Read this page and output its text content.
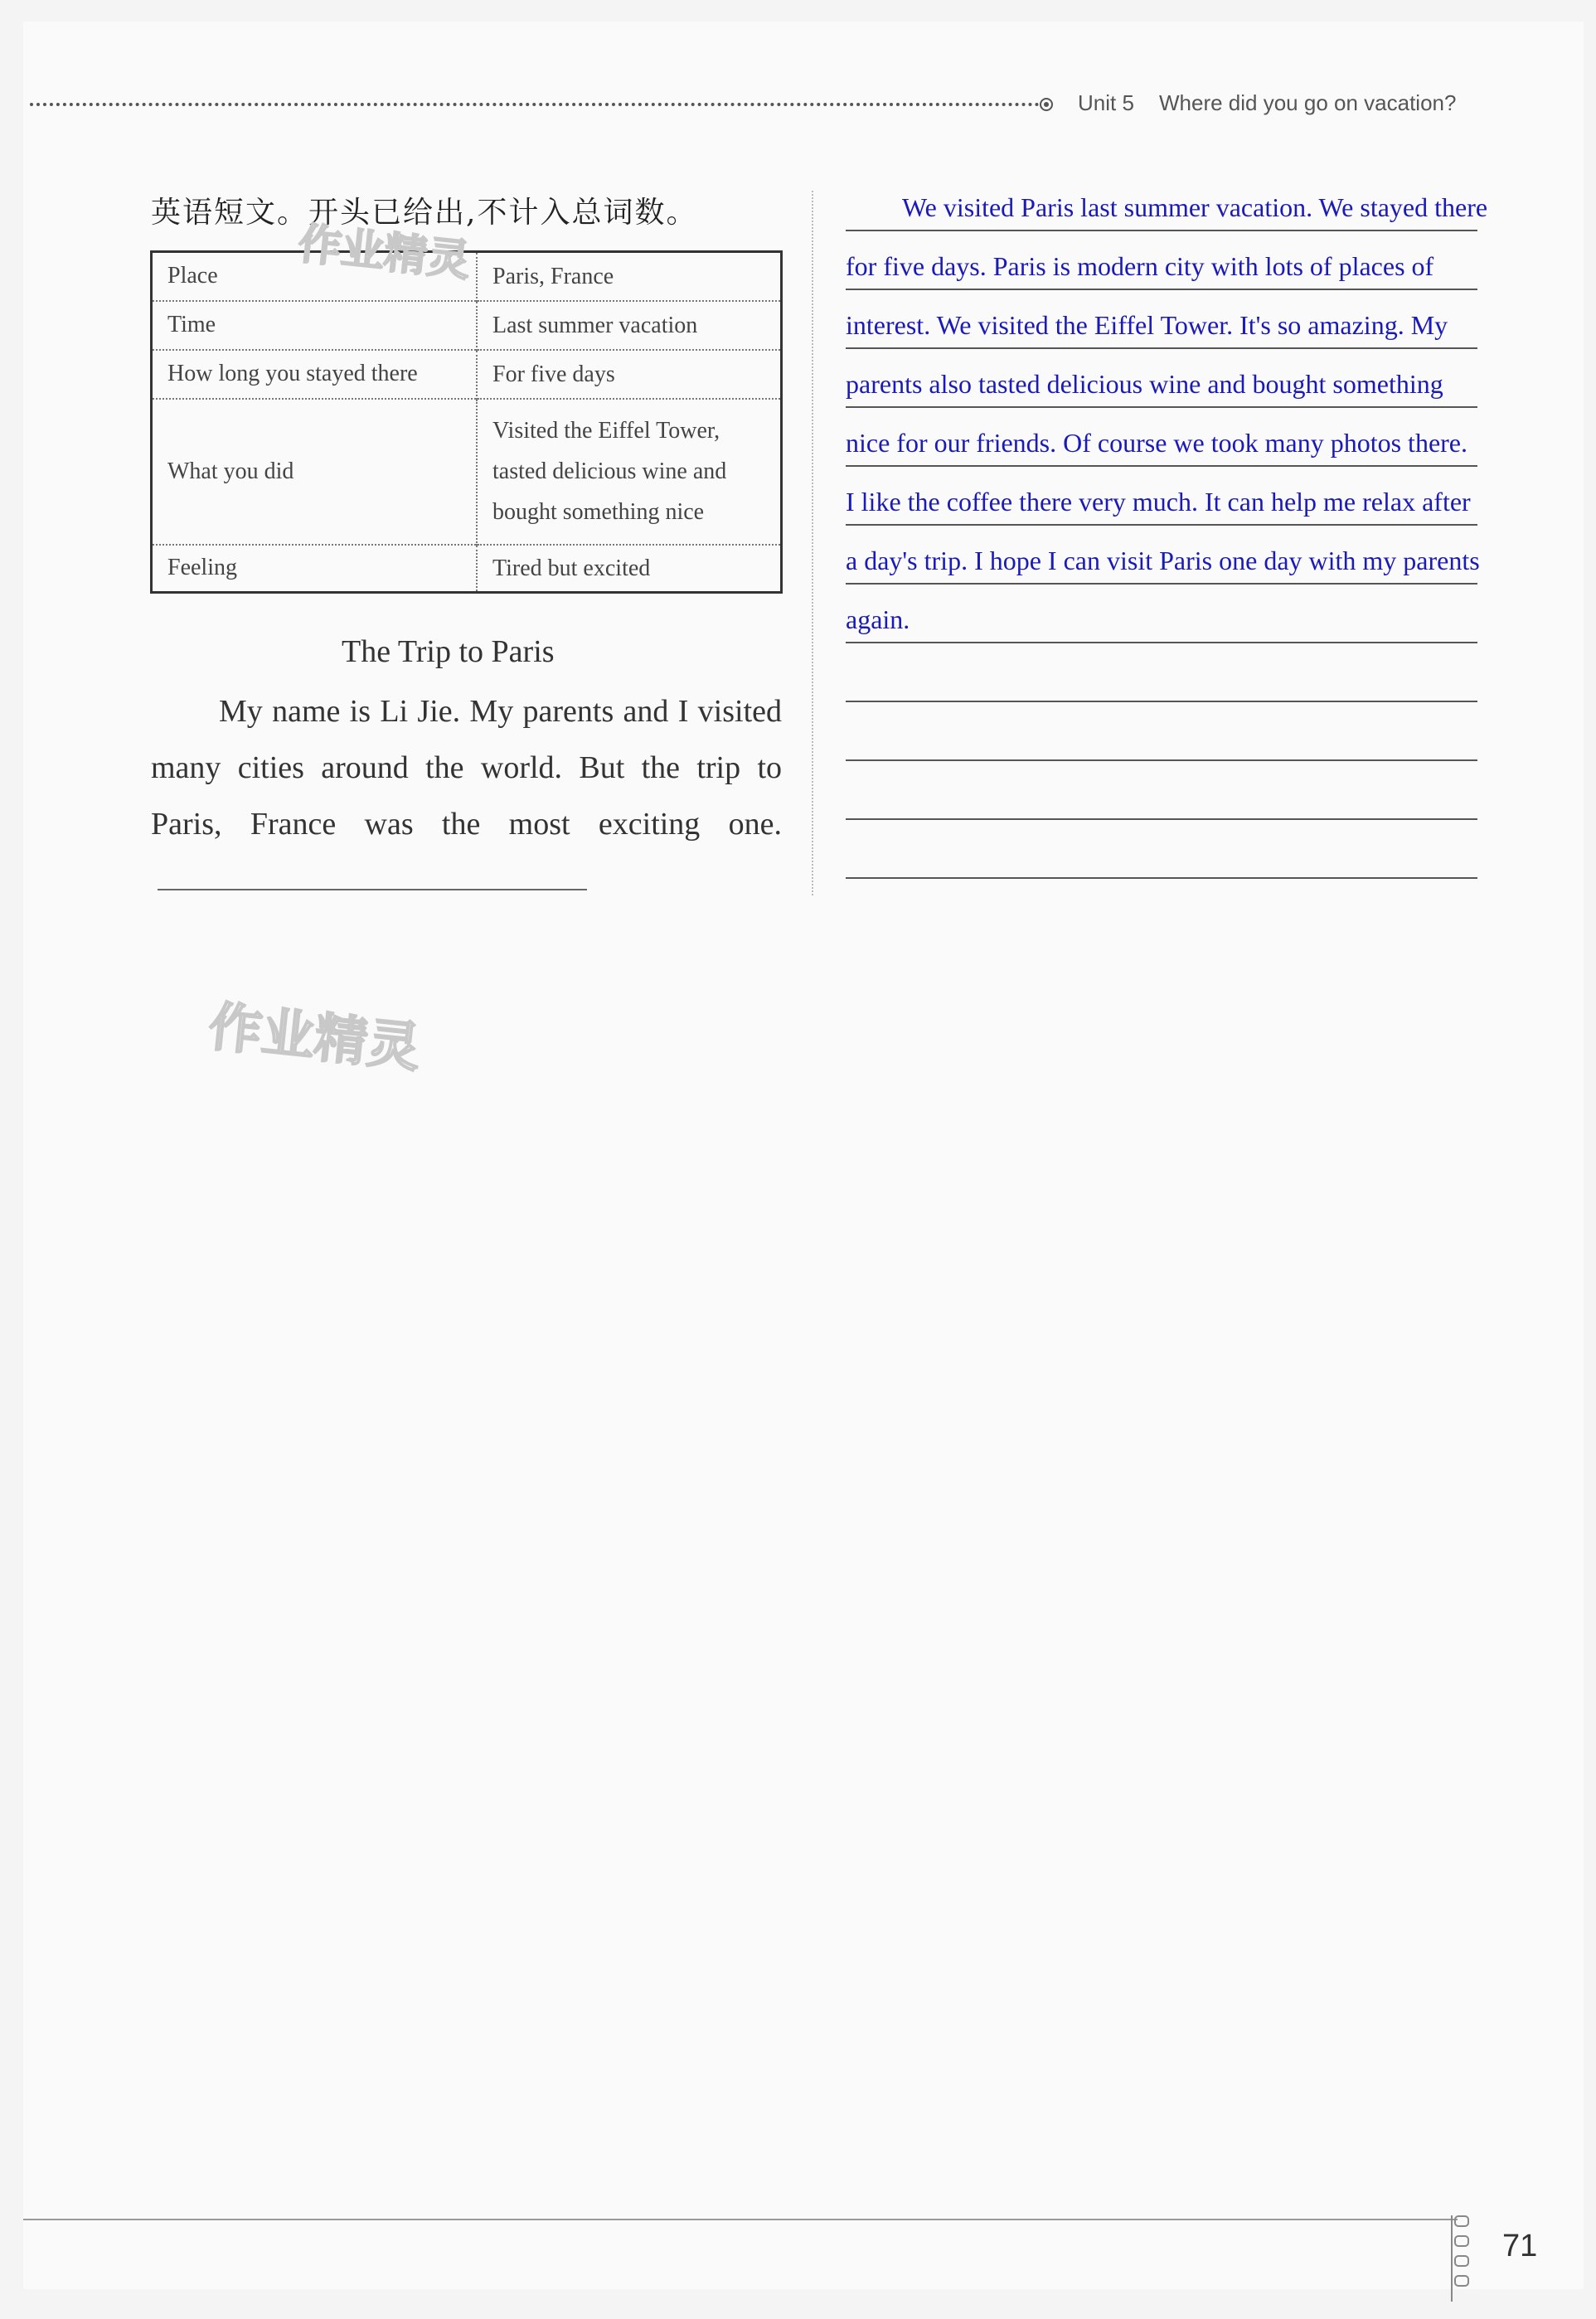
Unit 5 Where did you go on vacation?
英语短文。开头已给出,不计入总词数。
Place	Paris, France
Time	Last summer vacation
How long you stayed there	For five days
What you did	Visited the Eiffel Tower, tasted delicious wine and bought something nice
Feeling	Tired but excited
作业精灵
The Trip to Paris
My name is Li Jie. My parents and I visited many cities around the world. But the trip to Paris, France was the most exciting one.
We visited Paris last summer vacation. We stayed there
for five days. Paris is modern city with lots of places of
interest. We visited the Eiffel Tower. It's so amazing. My
parents also tasted delicious wine and bought something
nice for our friends. Of course we took many photos there.
I like the coffee there very much. It can help me relax after
a day's trip. I hope I can visit Paris one day with my parents
again.
作业精灵
71
